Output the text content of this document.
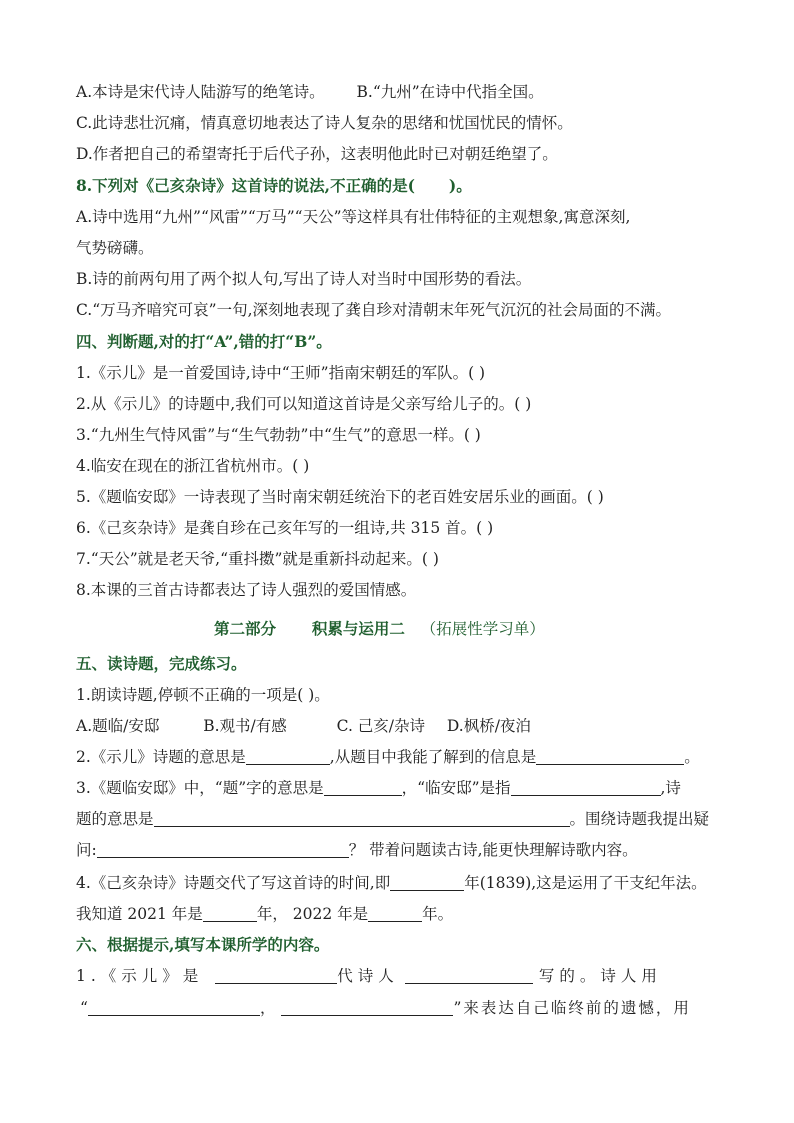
A.本诗是宋代诗人陆游写的绝笔诗。 B.“九州”在诗中代指全国。
C.此诗悲壮沉痛，情真意切地表达了诗人复杂的思绪和忧国忧民的情怀。
D.作者把自己的希望寄托于后代子孙，这表明他此时已对朝廷绝望了。
8.下列对《己亥杂诗》这首诗的说法,不正确的是( )。
A.诗中选用“九州”“风雷”“万马”“天公”等这样具有壮伟特征的主观想象,寓意深刻,
气势磅礴。
B.诗的前两句用了两个拟人句,写出了诗人对当时中国形势的看法。
C.“万马齐喑究可哀”一句,深刻地表现了龚自珍对清朝末年死气沉沉的社会局面的不满。
四、判断题,对的打“A”,错的打“B”。
1.《示儿》是一首爱国诗,诗中“王师”指南宋朝廷的军队。( )
2.从《示儿》的诗题中,我们可以知道这首诗是父亲写给儿子的。( )
3.“九州生气恃风雷”与“生气勃勃”中“生气”的意思一样。( )
4.临安在现在的浙江省杭州市。( )
5.《题临安邸》一诗表现了当时南宋朝廷统治下的老百姓安居乐业的画面。( )
6.《己亥杂诗》是龚自珍在己亥年写的一组诗,共 315 首。( )
7.“天公”就是老天爷,“重抖擞”就是重新抖动起来。( )
8.本课的三首古诗都表达了诗人强烈的爱国情感。
第二部分 积累与运用二 （拓展性学习单）
五、读诗题，完成练习。
1.朗读诗题,停顿不正确的一项是( )。
A.题临/安邸	B.观书/有感	C. 己亥/杂诗 D.枫桥/夜泊
2.《示儿》诗题的意思是	,从题目中我能了解到的信息是	。
3.《题临安邸》中，“题”字的意思是	，“临安邸”是指	,诗
题的意思是	。围绕诗题我提出疑
问:	？ 带着问题读古诗,能更快理解诗歌内容。
4.《己亥杂诗》诗题交代了写这首诗的时间,即	年(1839),这是运用了干支纪年法。
我知道 2021 年是	年， 2022 年是	年。
六、根据提示,填写本课所学的内容。
1.《示儿》是	代诗人	写的。诗人用
“	，	”来表达自己临终前的遗憾，用
